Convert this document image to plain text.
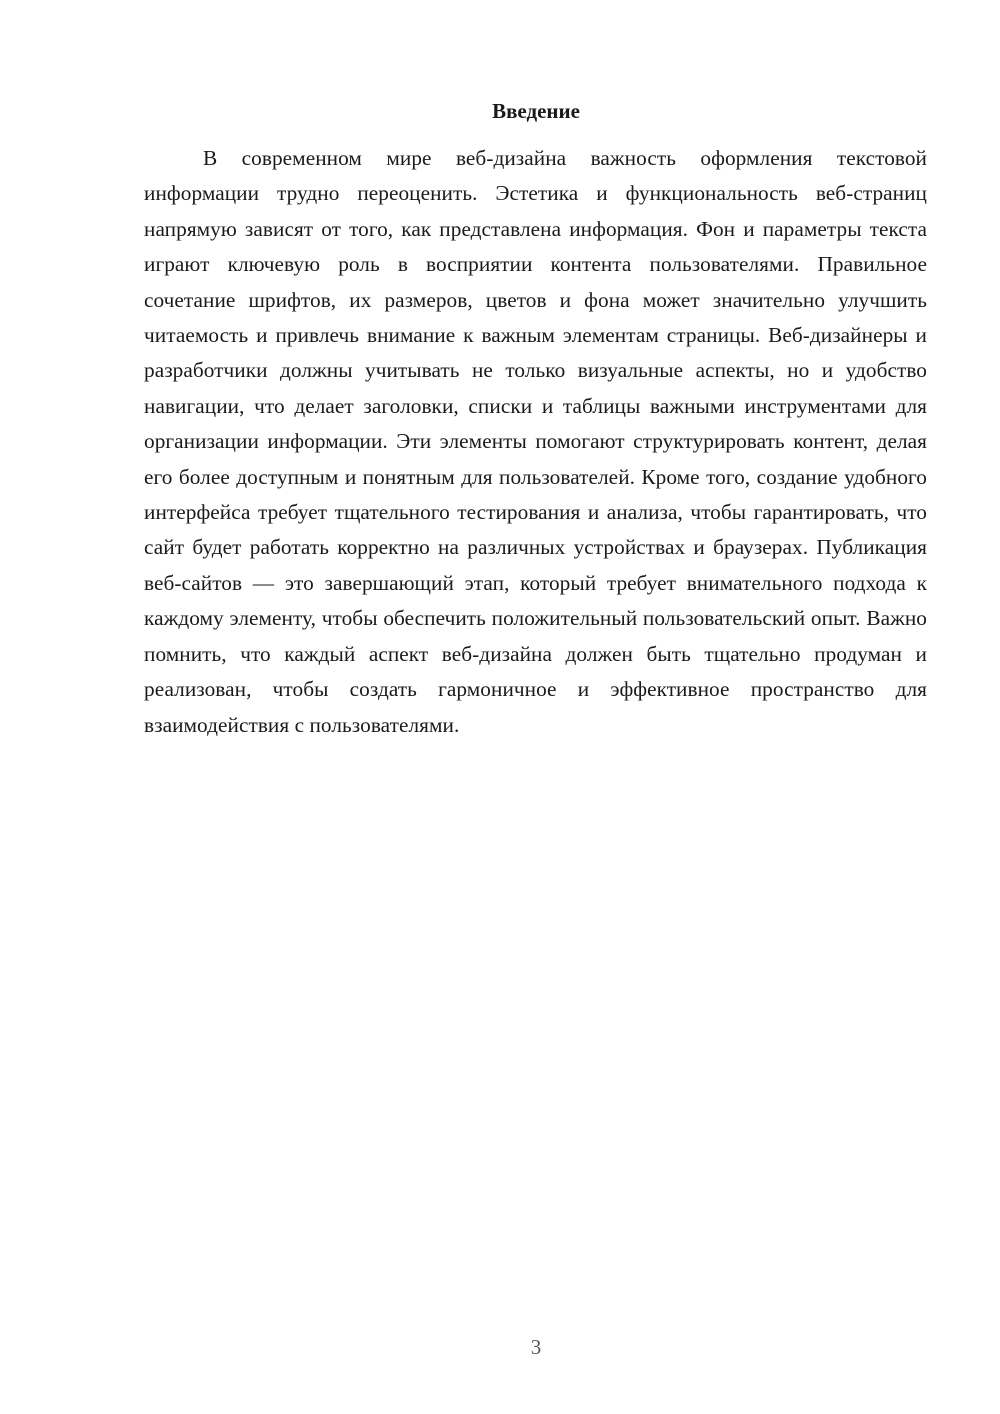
Введение

В современном мире веб-дизайна важность оформления текстовой информации трудно переоценить. Эстетика и функциональность веб-страниц напрямую зависят от того, как представлена информация. Фон и параметры текста играют ключевую роль в восприятии контента пользователями. Правильное сочетание шрифтов, их размеров, цветов и фона может значительно улучшить читаемость и привлечь внимание к важным элементам страницы. Веб-дизайнеры и разработчики должны учитывать не только визуальные аспекты, но и удобство навигации, что делает заголовки, списки и таблицы важными инструментами для организации информации. Эти элементы помогают структурировать контент, делая его более доступным и понятным для пользователей. Кроме того, создание удобного интерфейса требует тщательного тестирования и анализа, чтобы гарантировать, что сайт будет работать корректно на различных устройствах и браузерах. Публикация веб-сайтов — это завершающий этап, который требует внимательного подхода к каждому элементу, чтобы обеспечить положительный пользовательский опыт. Важно помнить, что каждый аспект веб-дизайна должен быть тщательно продуман и реализован, чтобы создать гармоничное и эффективное пространство для взаимодействия с пользователями.

3
